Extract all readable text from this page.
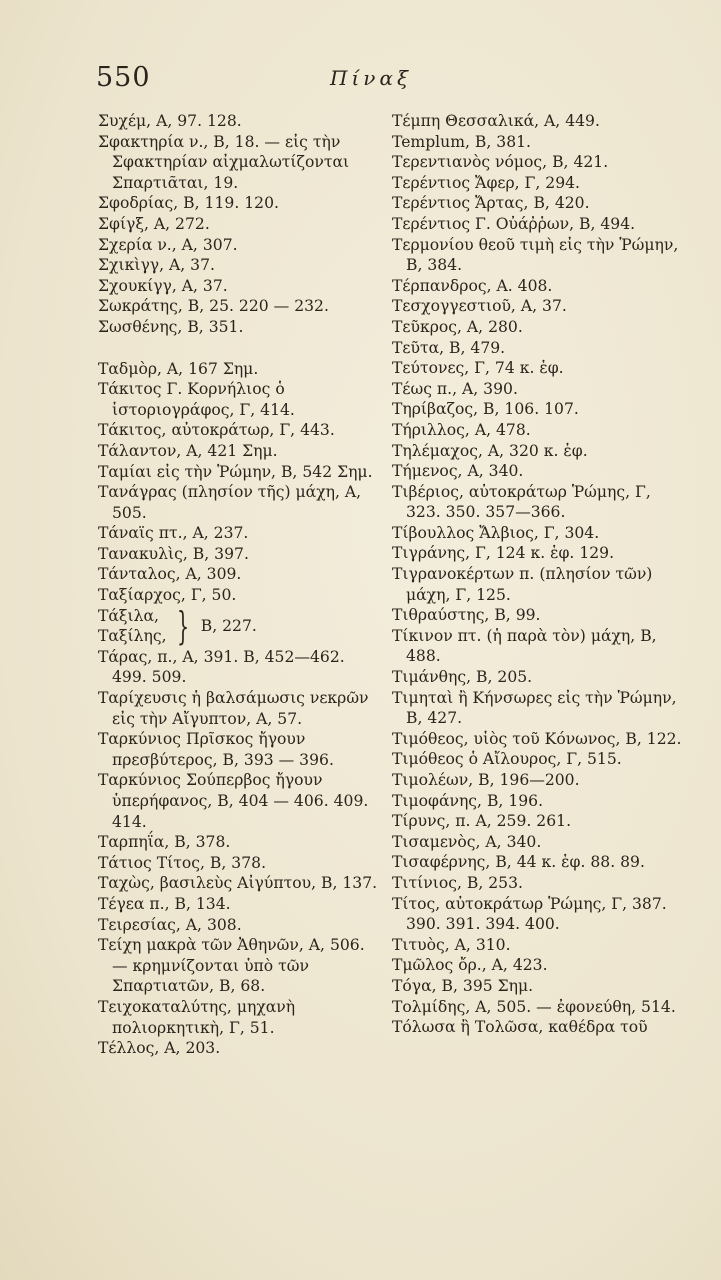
550	Πίναξ
Συχέμ, Α, 97. 128.
Σφακτηρία ν., Β, 18. — εἰς τὴν Σφακτηρίαν αἰχμαλωτίζονται Σπαρτιᾶται, 19.
Σφοδρίας, Β, 119. 120.
Σφίγξ, Α, 272.
Σχερία ν., Α, 307.
Σχικὶγγ, Α, 37.
Σχουκίγγ, Α, 37.
Σωκράτης, Β, 25. 220 — 232.
Σωσθένης, Β, 351.
Ταδμὸρ, Α, 167 Σημ.
Τάκιτος Γ. Κορνήλιος ὁ ἱστοριογράφος, Γ, 414.
Τάκιτος, αὐτοκράτωρ, Γ, 443.
Τάλαντον, Α, 421 Σημ.
Ταμίαι εἰς τὴν Ῥώμην, Β, 542 Σημ.
Τανάγρας (πλησίον τῆς) μάχη, Α, 505.
Τάναϊς πτ., Α, 237.
Τανακυλὶς, Β, 397.
Τάνταλος, Α, 309.
Ταξίαρχος, Γ, 50.
Τάξιλα,
Ταξίλης, } Β, 227.
Τάρας, π., Α, 391. Β, 452—462. 499. 509.
Ταρίχευσις ἡ βαλσάμωσις νεκρῶν εἰς τὴν Αἴγυπτον, Α, 57.
Ταρκύνιος Πρῖσκος ἤγουν πρεσβύτερος, Β, 393 — 396.
Ταρκύνιος Σούπερβος ἤγουν ὑπερήφανος, Β, 404 — 406. 409. 414.
Ταρπηΐα, Β, 378.
Τάτιος Τίτος, Β, 378.
Ταχὼς, βασιλεὺς Αἰγύπτου, Β, 137.
Τέγεα π., Β, 134.
Τειρεσίας, Α, 308.
Τείχη μακρὰ τῶν Ἀθηνῶν, Α, 506. — κρημνίζονται ὑπὸ τῶν Σπαρτιατῶν, Β, 68.
Τειχοκαταλύτης, μηχανὴ πολιορκητικὴ, Γ, 51.
Τέλλος, Α, 203.
Τέμπη Θεσσαλικά, Α, 449.
Templum, Β, 381.
Τερεντιανὸς νόμος, Β, 421.
Τερέντιος Ἄφερ, Γ, 294.
Τερέντιος Ἄρτας, Β, 420.
Τερέντιος Γ. Οὐάῤῥων, Β, 494.
Τερμονίου θεοῦ τιμὴ εἰς τὴν Ῥώμην, Β, 384.
Τέρπανδρος, Α. 408.
Τεσχογγεστιοῦ, Α, 37.
Τεῦκρος, Α, 280.
Τεῦτα, Β, 479.
Τεύτονες, Γ, 74 κ. ἑφ.
Τέως π., Α, 390.
Τηρίβαζος, Β, 106. 107.
Τήριλλος, Α, 478.
Τηλέμαχος, Α, 320 κ. ἑφ.
Τήμενος, Α, 340.
Τιβέριος, αὐτοκράτωρ Ῥώμης, Γ, 323. 350. 357—366.
Τίβουλλος Ἄλβιος, Γ, 304.
Τιγράνης, Γ, 124 κ. ἑφ. 129.
Τιγρανοκέρτων π. (πλησίον τῶν) μάχη, Γ, 125.
Τιθραύστης, Β, 99.
Τίκινον πτ. (ἡ παρὰ τὸν) μάχη, Β, 488.
Τιμάνθης, Β, 205.
Τιμηταὶ ἢ Κήνσωρες εἰς τὴν Ῥώμην, Β, 427.
Τιμόθεος, υἱὸς τοῦ Κόνωνος, Β, 122.
Τιμόθεος ὁ Αἴλουρος, Γ, 515.
Τιμολέων, Β, 196—200.
Τιμοφάνης, Β, 196.
Τίρυνς, π. Α, 259. 261.
Τισαμενὸς, Α, 340.
Τισαφέρνης, Β, 44 κ. ἑφ. 88. 89.
Τιτίνιος, Β, 253.
Τίτος, αὐτοκράτωρ Ῥώμης, Γ, 387. 390. 391. 394. 400.
Τιτυὸς, Α, 310.
Τμῶλος ὄρ., Α, 423.
Τόγα, Β, 395 Σημ.
Τολμίδης, Α, 505. — ἐφονεύθη, 514.
Τόλωσα ἢ Τολῶσα, καθέδρα τοῦ
